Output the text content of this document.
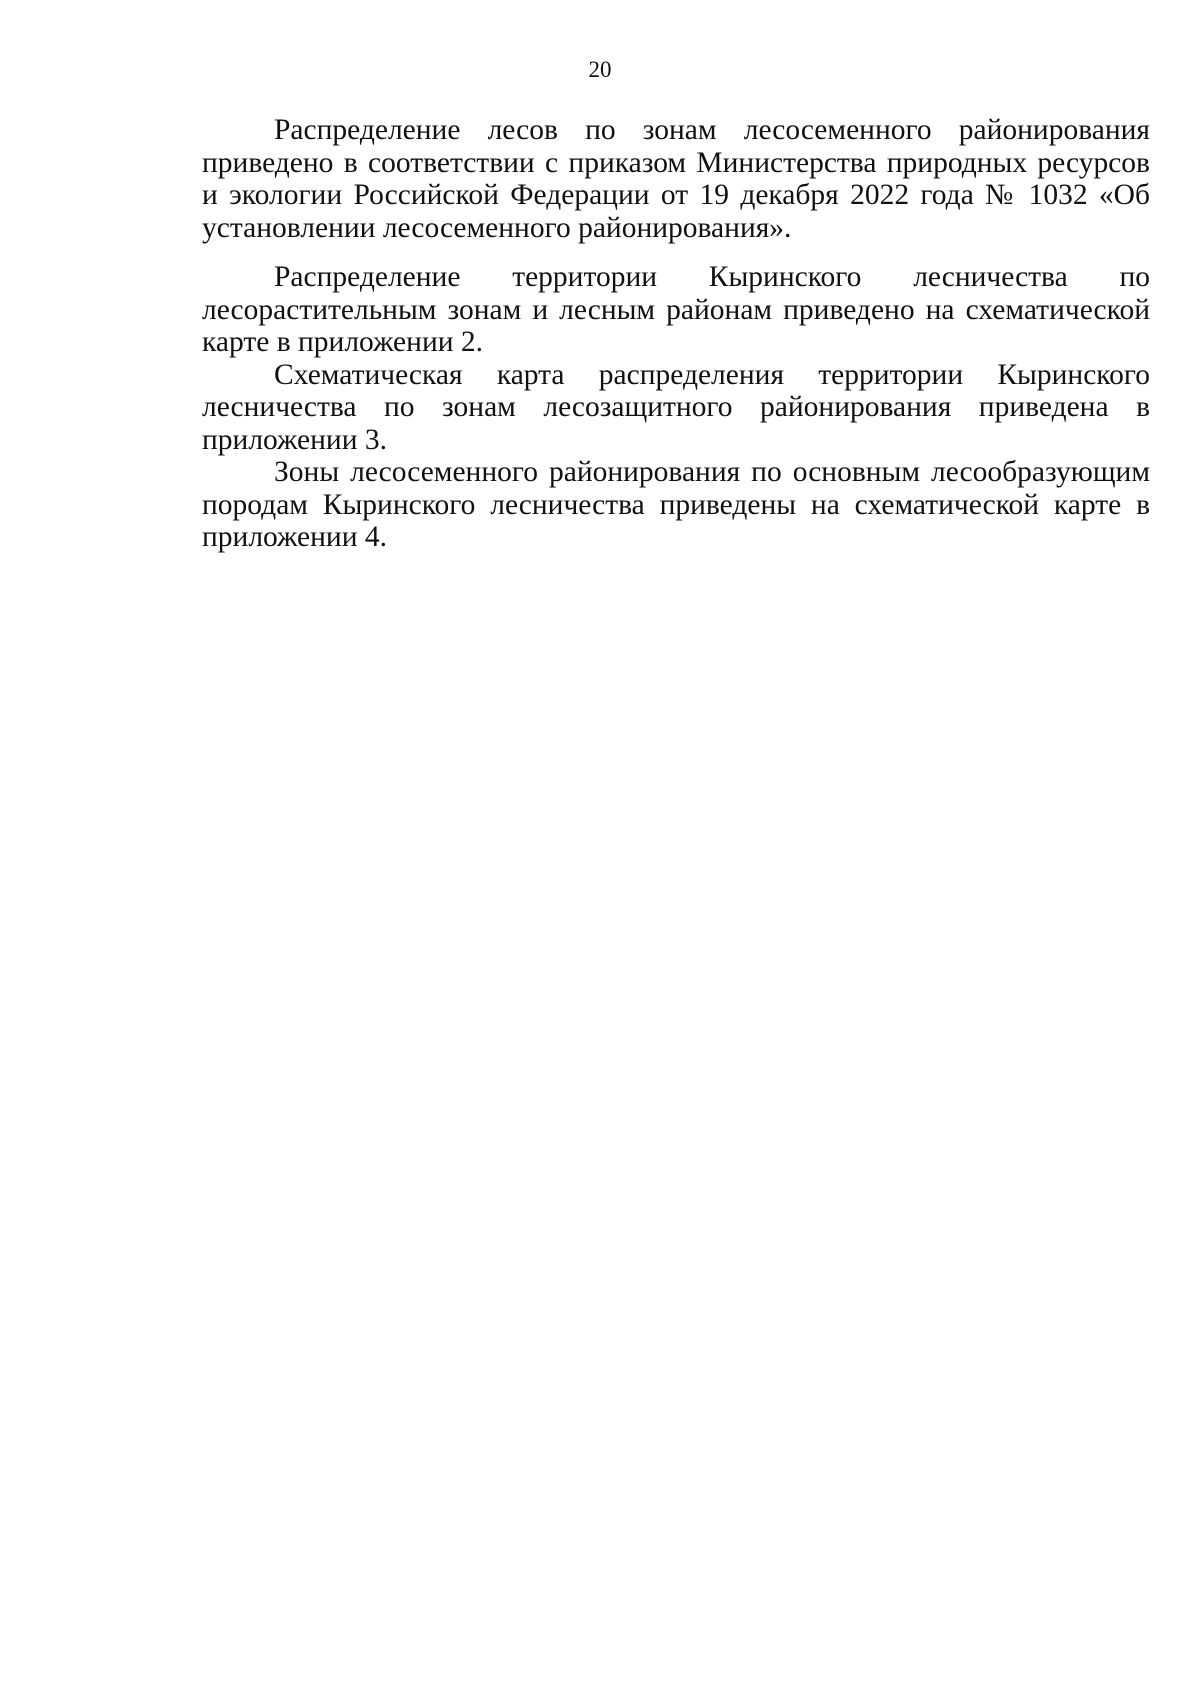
20

Распределение лесов по зонам лесосеменного районирования приведено в соответствии с приказом Министерства природных ресурсов и экологии Российской Федерации от 19 декабря 2022 года № 1032 «Об установлении лесосеменного районирования».

Распределение территории Кыринского лесничества по лесорастительным зонам и лесным районам приведено на схематической карте в приложении 2.

Схематическая карта распределения территории Кыринского лесничества по зонам лесозащитного районирования приведена в приложении 3.

Зоны лесосеменного районирования по основным лесообразующим породам Кыринского лесничества приведены на схематической карте в приложении 4.
